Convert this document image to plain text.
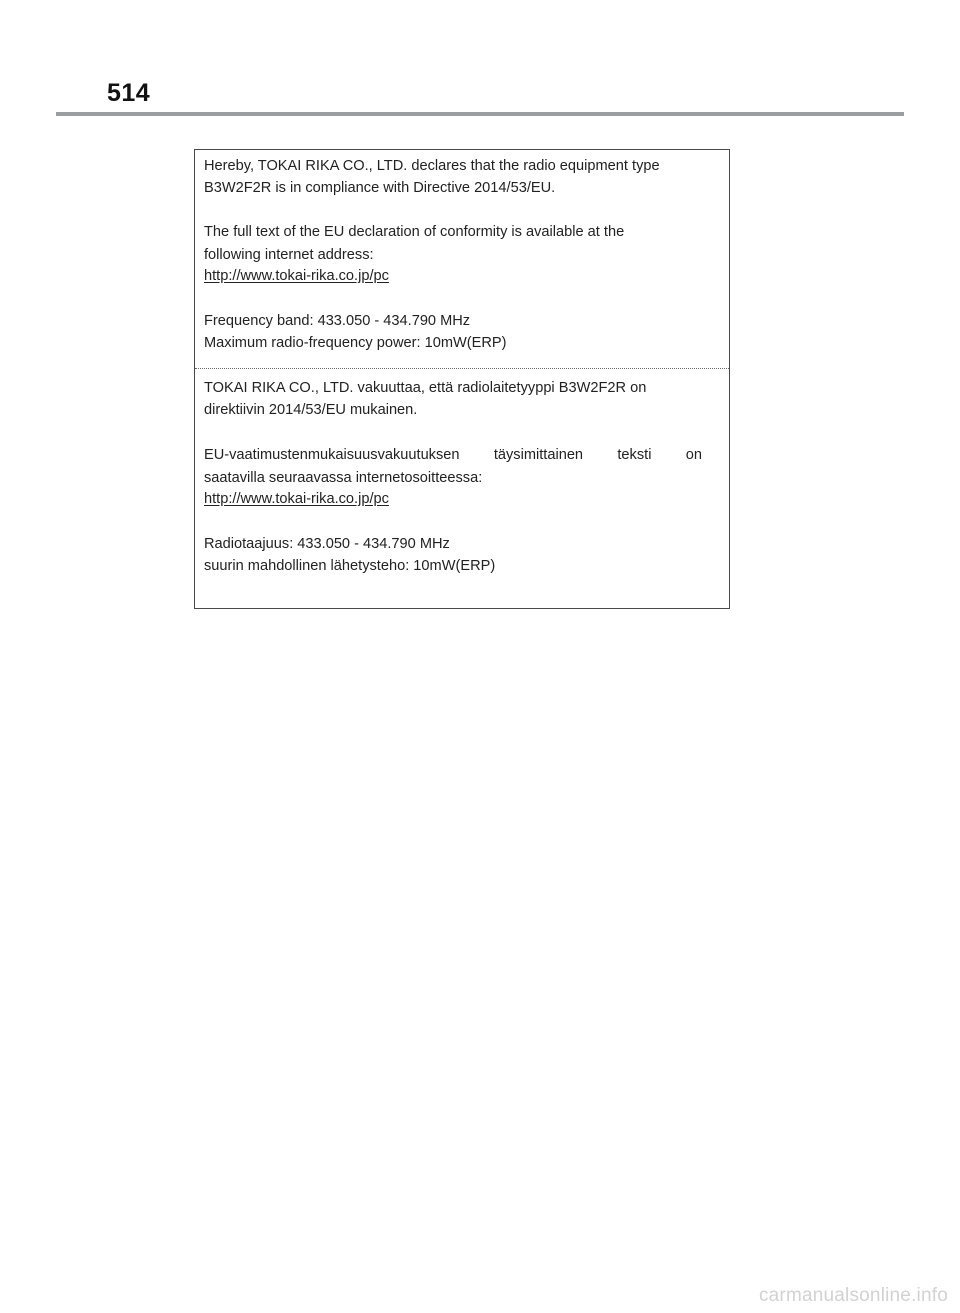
514
Hereby, TOKAI RIKA CO., LTD. declares that the radio equipment type
B3W2F2R is in compliance with Directive 2014/53/EU.
The full text of the EU declaration of conformity is available at the
following internet address:
http://www.tokai-rika.co.jp/pc
Frequency band: 433.050 - 434.790 MHz
Maximum radio-frequency power: 10mW(ERP)
TOKAI RIKA CO., LTD. vakuuttaa, että radiolaitetyyppi B3W2F2R on
direktiivin 2014/53/EU mukainen.
EU-vaatimustenmukaisuusvakuutuksen täysimittainen teksti on
saatavilla seuraavassa internetosoitteessa:
http://www.tokai-rika.co.jp/pc
Radiotaajuus: 433.050 - 434.790 MHz
suurin mahdollinen lähetysteho: 10mW(ERP)
carmanualsonline.info
